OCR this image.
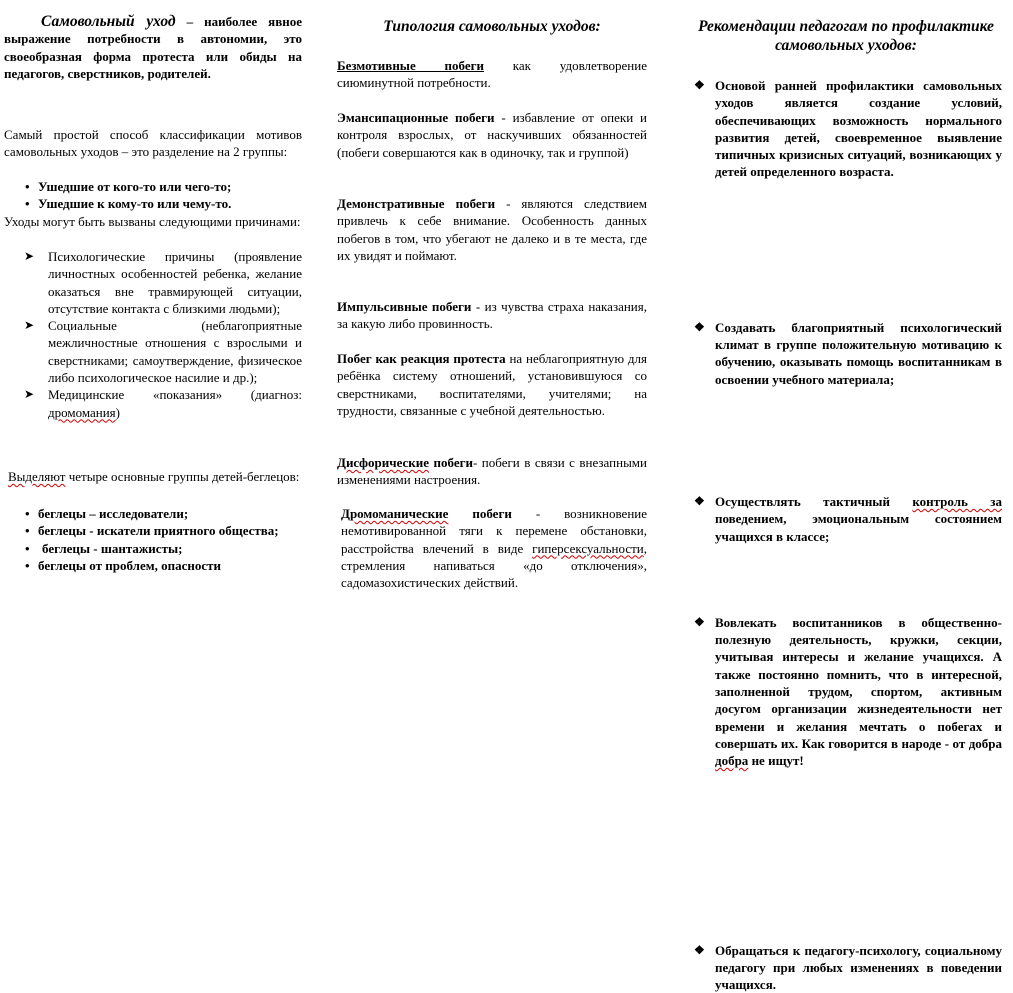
Самовольный уход – наиболее явное выражение потребности в автономии, это своеобразная форма протеста или обиды на педагогов, сверстников, родителей.
Самый простой способ классификации мотивов самовольных уходов – это разделение на 2 группы:
• Ушедшие от кого-то или чего-то;
• Ушедшие к кому-то или чему-то.
Уходы могут быть вызваны следующими причинами:
➤ Психологические причины (проявление личностных особенностей ребенка, желание оказаться вне травмирующей ситуации, отсутствие контакта с близкими людьми);
➤ Социальные (неблагоприятные межличностные отношения с взрослыми и сверстниками; самоутверждение, физическое либо психологическое насилие и др.);
➤ Медицинские «показания» (диагноз: дромомания)
Выделяют четыре основные группы детей-беглецов:
• беглецы – исследователи;
• беглецы - искатели приятного общества;
• беглецы - шантажисты;
• беглецы от проблем, опасности
Типология самовольных уходов:
Безмотивные побеги как удовлетворение сиюминутной потребности.
Эмансипационные побеги - избавление от опеки и контроля взрослых, от наскучивших обязанностей (побеги совершаются как в одиночку, так и группой)
Демонстративные побеги - являются следствием привлечь к себе внимание. Особенность данных побегов в том, что убегают не далеко и в те места, где их увидят и поймают.
Импульсивные побеги - из чувства страха наказания, за какую либо провинность.
Побег как реакция протеста на неблагоприятную для ребёнка систему отношений, установившуюся со сверстниками, воспитателями, учителями; на трудности, связанные с учебной деятельностью.
Дисфорические побеги- побеги в связи с внезапными изменениями настроения.
Дромоманические побеги - возникновение немотивированной тяги к перемене обстановки, расстройства влечений в виде гиперсексуальности, стремления напиваться «до отключения», садомазохистических действий.
Рекомендации педагогам по профилактике самовольных уходов:
❖ Основой ранней профилактики самовольных уходов является создание условий, обеспечивающих возможность нормального развития детей, своевременное выявление типичных кризисных ситуаций, возникающих у детей определенного возраста.
❖ Создавать благоприятный психологический климат в группе положительную мотивацию к обучению, оказывать помощь воспитанникам в освоении учебного материала;
❖ Осуществлять тактичный контроль за поведением, эмоциональным состоянием учащихся в классе;
❖ Вовлекать воспитанников в общественно-полезную деятельность, кружки, секции, учитывая интересы и желание учащихся. А также постоянно помнить, что в интересной, заполненной трудом, спортом, активным досугом организации жизнедеятельности нет времени и желания мечтать о побегах и совершать их. Как говорится в народе - от добра добра не ищут!
❖ Обращаться к педагогу-психологу, социальному педагогу при любых изменениях в поведении учащихся.
